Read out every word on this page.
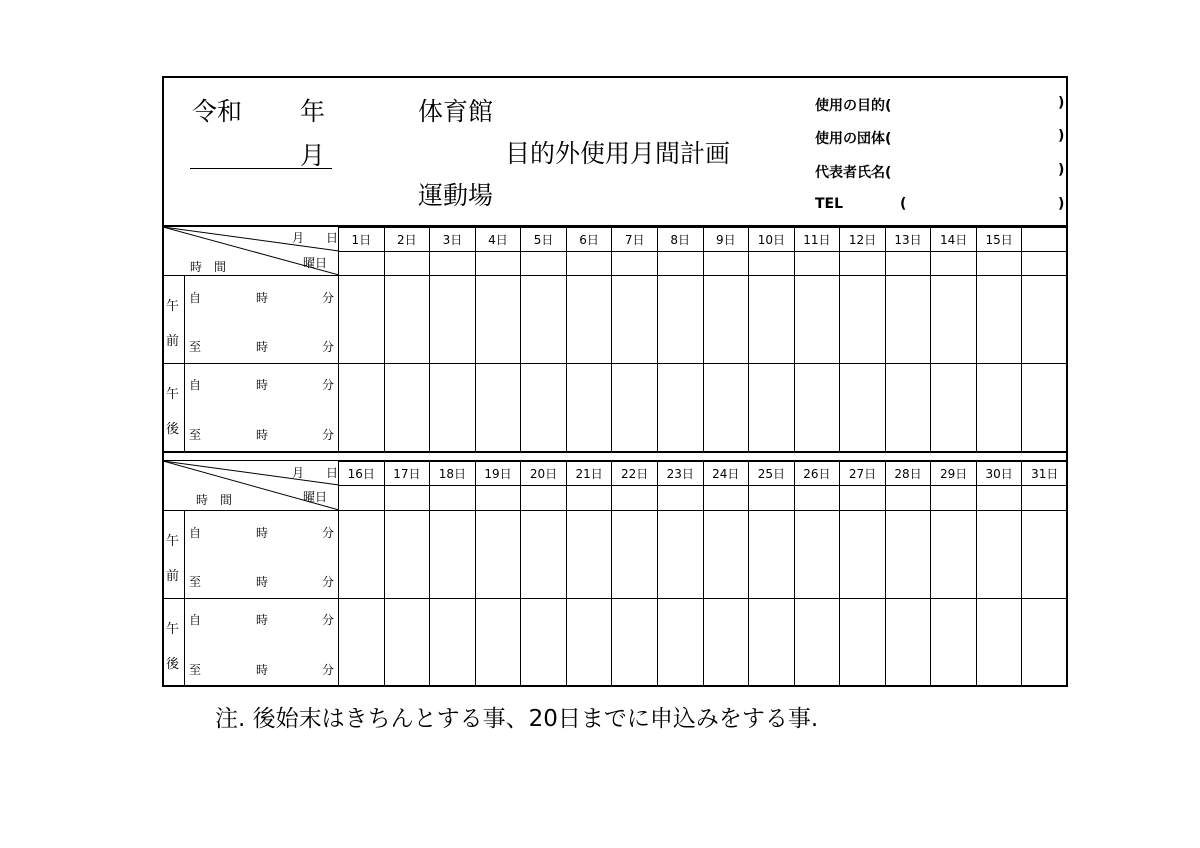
令和 年
月
体育館
運動場
目的外使用月間計画
使用の目的(	)
使用の団体(	)
代表者氏名(	)
TEL	(	)
月 日
曜日
時　間
午
前
自	時	分
至	時	分
午
後
自	時	分
至	時	分
1日	2日	3日	4日	5日	6日	7日	8日	9日	10日	11日	12日	13日	14日	15日	

月 日
曜日
時　間
午
前
自	時	分
至	時	分
午
後
自	時	分
至	時	分
16日	17日	18日	19日	20日	21日	22日	23日	24日	25日	26日	27日	28日	29日	30日	31日

注. 後始末はきちんとする事、20日までに申込みをする事.
